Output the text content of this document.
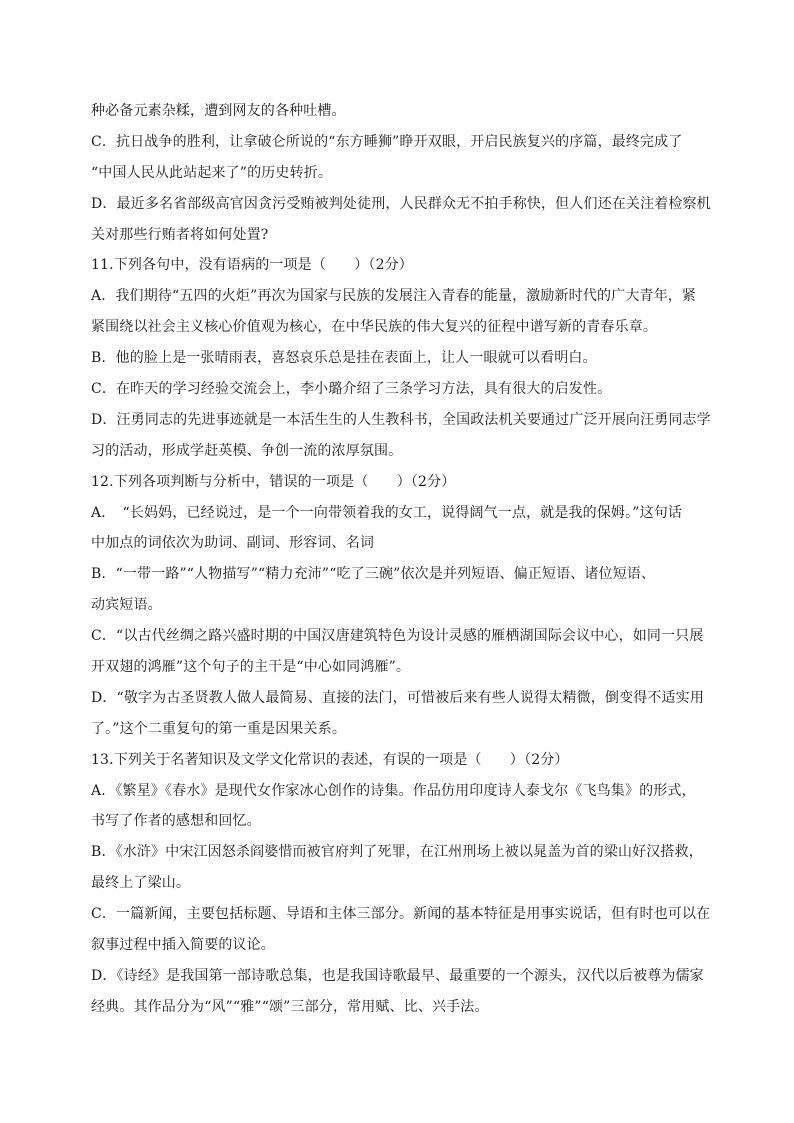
种必备元素杂糅，遭到网友的各种吐槽。
C．抗日战争的胜利，让拿破仑所说的“东方睡狮”睁开双眼，开启民族复兴的序篇，最终完成了
“中国人民从此站起来了”的历史转折。
D．最近多名省部级高官因贪污受贿被判处徒刑，人民群众无不拍手称快，但人们还在关注着检察机
关对那些行贿者将如何处置?
11.下列各句中，没有语病的一项是（　　）（2分）
A．我们期待“五四的火炬”再次为国家与民族的发展注入青春的能量，激励新时代的广大青年，紧
紧围绕以社会主义核心价值观为核心，在中华民族的伟大复兴的征程中谱写新的青春乐章。
B．他的脸上是一张晴雨表，喜怒哀乐总是挂在表面上，让人一眼就可以看明白。
C．在昨天的学习经验交流会上，李小璐介绍了三条学习方法，具有很大的启发性。
D．汪勇同志的先进事迹就是一本活生生的人生教科书，全国政法机关要通过广泛开展向汪勇同志学
习的活动，形成学赶英模、争创一流的浓厚氛围。
12.下列各项判断与分析中，错误的一项是（　　）（2分）
A．　“长妈妈，已经说过，是一个一向带领着我的女工，说得阔气一点，就是我的保姆。”这句话
中加点的词依次为助词、副词、形容词、名词
B．“一带一路”“人物描写”“精力充沛”“吃了三碗”依次是并列短语、偏正短语、诸位短语、
动宾短语。
C．“以古代丝绸之路兴盛时期的中国汉唐建筑特色为设计灵感的雁栖湖国际会议中心，如同一只展
开双翅的鸿雁”这个句子的主干是“中心如同鸿雁”。
D．“敬字为古圣贤教人做人最简易、直接的法门，可惜被后来有些人说得太精微，倒变得不适实用
了。”这个二重复句的第一重是因果关系。
13.下列关于名著知识及文学文化常识的表述，有误的一项是（　　）（2分）
A．《繁星》《春水》是现代女作家冰心创作的诗集。作品仿用印度诗人泰戈尔《飞鸟集》的形式，
书写了作者的感想和回忆。
B．《水浒》中宋江因怒杀阎婆惜而被官府判了死罪，在江州刑场上被以晁盖为首的梁山好汉搭救，
最终上了梁山。
C．一篇新闻，主要包括标题、导语和主体三部分。新闻的基本特征是用事实说话，但有时也可以在
叙事过程中插入简要的议论。
D．《诗经》是我国第一部诗歌总集，也是我国诗歌最早、最重要的一个源头，汉代以后被尊为儒家
经典。其作品分为“风”“雅”“颂”三部分，常用赋、比、兴手法。
